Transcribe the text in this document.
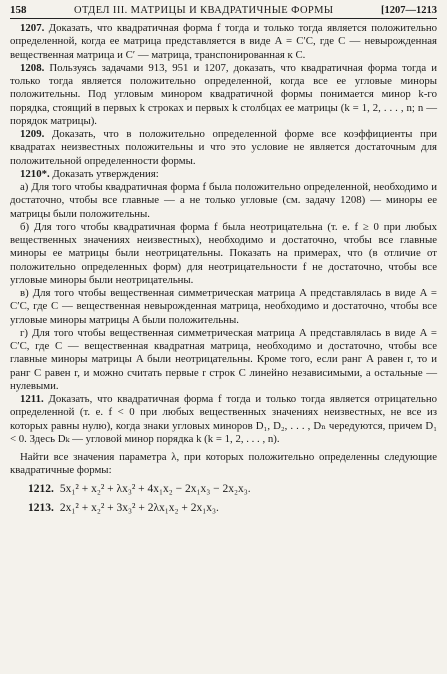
158	ОТДЕЛ III. МАТРИЦЫ И КВАДРАТИЧНЫЕ ФОРМЫ	[1207—1213

1207. Доказать, что квадратичная форма f тогда и только тогда является положительно определенной, когда ее матрица представляется в виде A = C′C, где C — невырожденная вещественная матрица и C′ — матрица, транспонированная к C.

1208. Пользуясь задачами 913, 951 и 1207, доказать, что квадратичная форма тогда и только тогда является положительно определенной, когда все ее угловые миноры положительны. Под угловым минором квадратичной формы понимается минор k-го порядка, стоящий в первых k строках и первых k столбцах ее матрицы (k = 1, 2, . . . , n; n — порядок матрицы).

1209. Доказать, что в положительно определенной форме все коэффициенты при квадратах неизвестных положительны и что это условие не является достаточным для положительной определенности формы.

1210*. Доказать утверждения:

а) Для того чтобы квадратичная форма f была положительно определенной, необходимо и достаточно, чтобы все главные — а не только угловые (см. задачу 1208) — миноры ее матрицы были положительны.

б) Для того чтобы квадратичная форма f была неотрицательна (т. е. f ≥ 0 при любых вещественных значениях неизвестных), необходимо и достаточно, чтобы все главные миноры ее матрицы были неотрицательны. Показать на примерах, что (в отличие от положительно определенных форм) для неотрицательности f не достаточно, чтобы все угловые миноры были неотрицательны.

в) Для того чтобы вещественная симметрическая матрица A представлялась в виде A = C′C, где C — вещественная невырожденная матрица, необходимо и достаточно, чтобы все угловые миноры матрицы A были положительны.

г) Для того чтобы вещественная симметрическая матрица A представлялась в виде A = C′C, где C — вещественная квадратная матрица, необходимо и достаточно, чтобы все главные миноры матрицы A были неотрицательны. Кроме того, если ранг A равен r, то и ранг C равен r, и можно считать первые r строк C линейно независимыми, а остальные — нулевыми.

1211. Доказать, что квадратичная форма f тогда и только тогда является отрицательно определенной (т. е. f < 0 при любых вещественных значениях неизвестных, не все из которых равны нулю), когда знаки угловых миноров D₁, D₂, . . . , Dₙ чередуются, причем D₁ < 0. Здесь Dₖ — угловой минор порядка k (k = 1, 2, . . . , n).

Найти все значения параметра λ, при которых положительно определенны следующие квадратичные формы:

1212. 5x₁² + x₂² + λx₃² + 4x₁x₂ − 2x₁x₃ − 2x₂x₃.
1213. 2x₁² + x₂² + 3x₃² + 2λx₁x₂ + 2x₁x₃.
